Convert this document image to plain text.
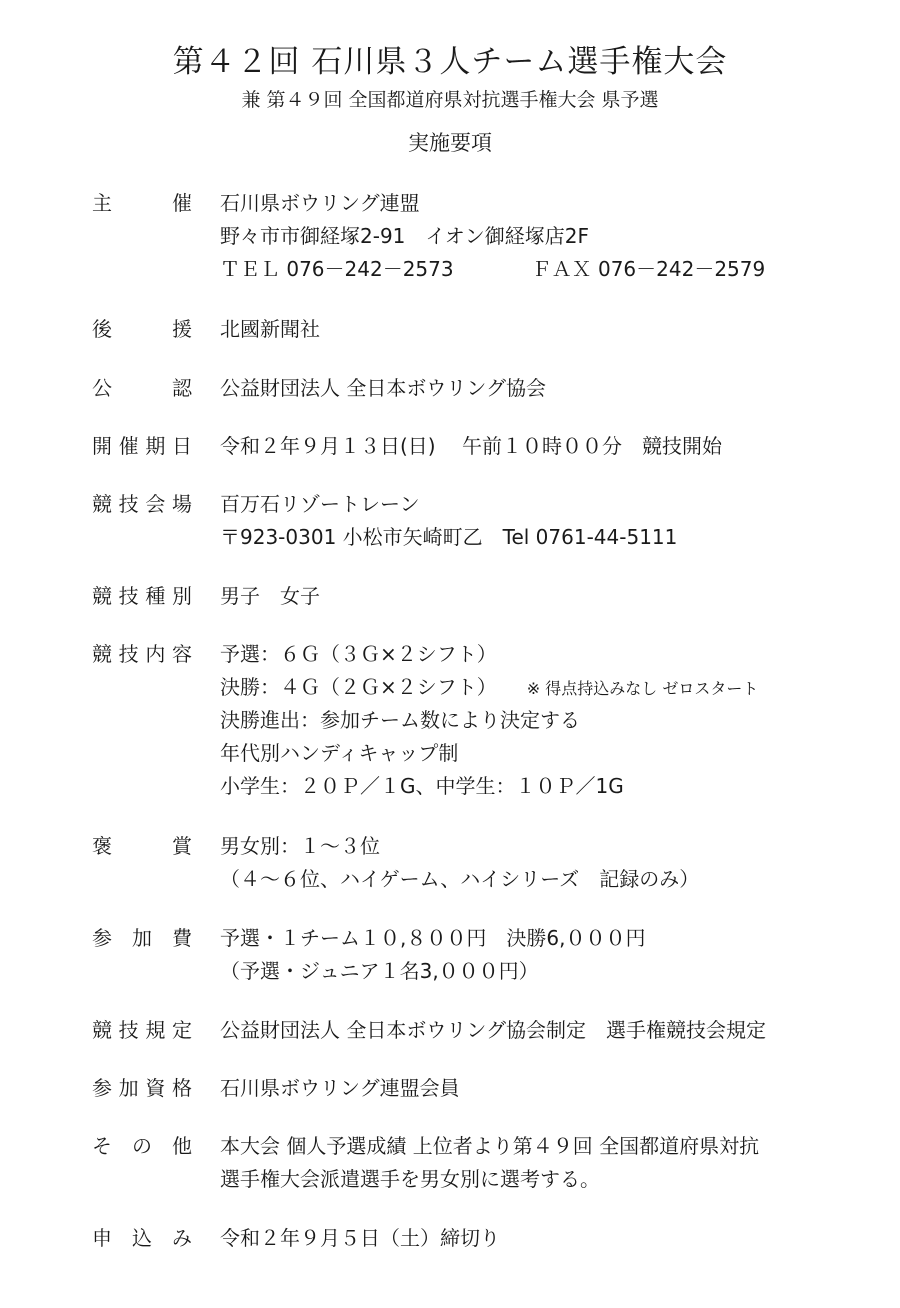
第４２回 石川県３人チーム選手権大会
兼 第４９回 全国都道府県対抗選手権大会 県予選
実施要項
主	催 石川県ボウリング連盟
野々市市御経塚2-91　イオン御経塚店2F
ＴＥＬ 076－242－2573	ＦＡＸ 076－242－2579
後	援 北國新聞社
公	認 公益財団法人 全日本ボウリング協会
開 催 期 日 令和２年９月１３日(日)　 午前１０時００分　競技開始
競 技 会 場 百万石リゾートレーン
〒923-0301 小松市矢崎町乙　Tel 0761-44-5111
競 技 種 別 男子　女子
競 技 内 容 予選：６Ｇ（３Ｇ×２シフト）
決勝：４Ｇ（２Ｇ×２シフト） ※ 得点持込みなし ゼロスタート
決勝進出：参加チーム数により決定する
年代別ハンディキャップ制
小学生：２０Ｐ／１G、中学生：１０Ｐ／1G
褒	賞 男女別：１～３位
（４～６位、ハイゲーム、ハイシリーズ　記録のみ）
参 加 費 予選・１チーム１０,８００円　決勝6,０００円
（予選・ジュニア１名3,０００円）
競 技 規 定 公益財団法人 全日本ボウリング協会制定　選手権競技会規定
参 加 資 格 石川県ボウリング連盟会員
そ の 他 本大会 個人予選成績 上位者より第４９回 全国都道府県対抗
選手権大会派遣選手を男女別に選考する。
申 込 み 令和２年９月５日（土）締切り
